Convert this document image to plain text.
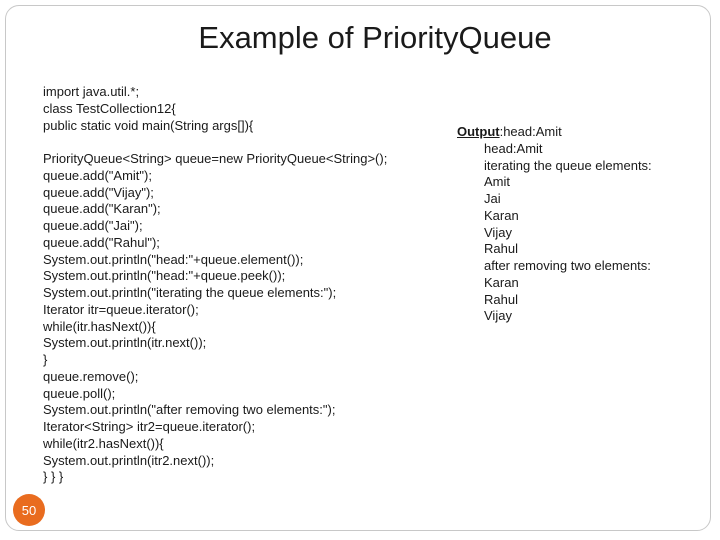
Example of PriorityQueue
import java.util.*;
class TestCollection12{
public static void main(String args[]){
PriorityQueue<String> queue=new PriorityQueue<String>();
queue.add("Amit");
queue.add("Vijay");
queue.add("Karan");
queue.add("Jai");
queue.add("Rahul");
System.out.println("head:"+queue.element());
System.out.println("head:"+queue.peek());
System.out.println("iterating the queue elements:");
Iterator itr=queue.iterator();
while(itr.hasNext()){
System.out.println(itr.next());
}
queue.remove();
queue.poll();
System.out.println("after removing two elements:");
Iterator<String> itr2=queue.iterator();
while(itr2.hasNext()){
System.out.println(itr2.next());
} } }
Output:head:Amit
head:Amit
iterating the queue elements:
Amit
Jai
Karan
Vijay
Rahul
after removing two elements:
Karan
Rahul
Vijay
50
